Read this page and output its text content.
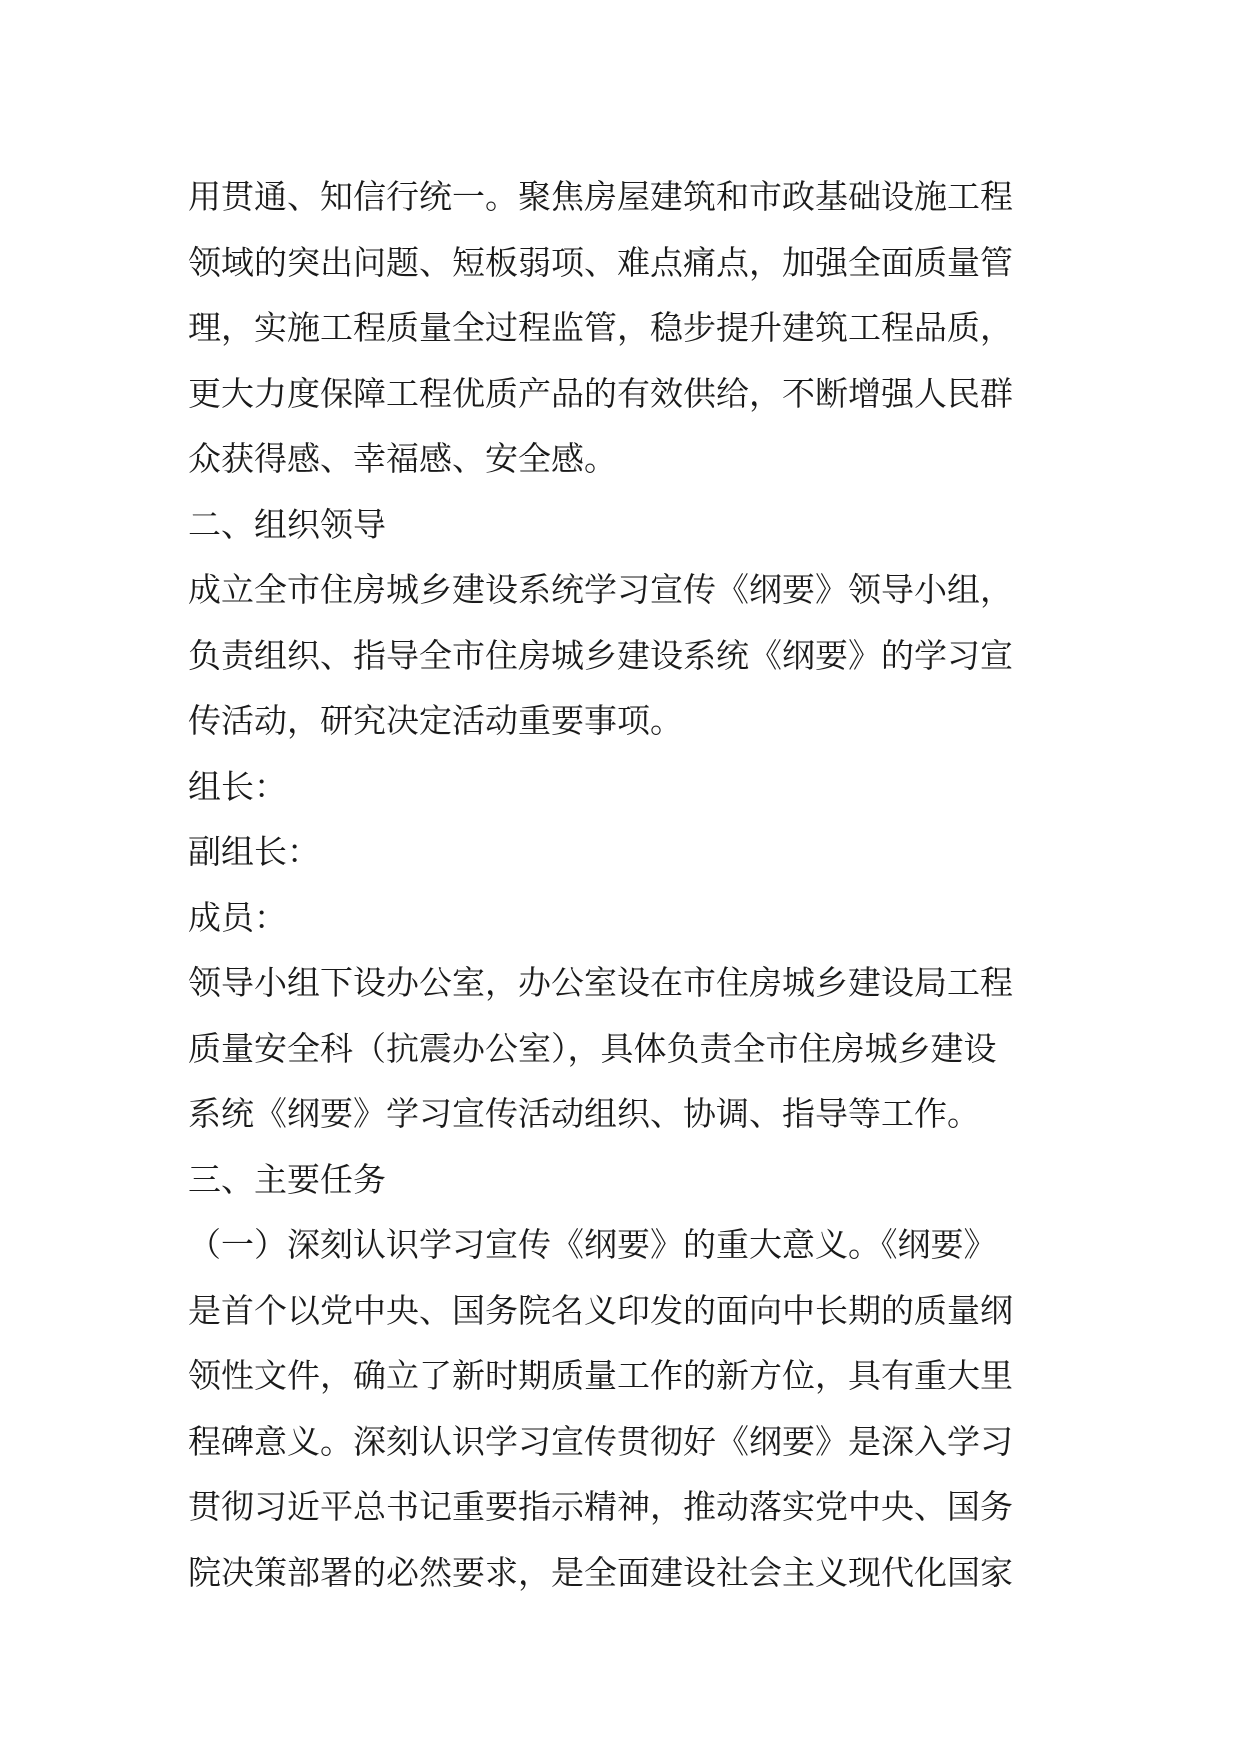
用贯通、知信行统一。聚焦房屋建筑和市政基础设施工程
领域的突出问题、短板弱项、难点痛点，加强全面质量管
理，实施工程质量全过程监管，稳步提升建筑工程品质，
更大力度保障工程优质产品的有效供给，不断增强人民群
众获得感、幸福感、安全感。
二、组织领导
成立全市住房城乡建设系统学习宣传《纲要》领导小组，
负责组织、指导全市住房城乡建设系统《纲要》的学习宣
传活动，研究决定活动重要事项。
组长：
副组长：
成员：
领导小组下设办公室，办公室设在市住房城乡建设局工程
质量安全科（抗震办公室），具体负责全市住房城乡建设
系统《纲要》学习宣传活动组织、协调、指导等工作。
三、主要任务
（一）深刻认识学习宣传《纲要》的重大意义。《纲要》
是首个以党中央、国务院名义印发的面向中长期的质量纲
领性文件，确立了新时期质量工作的新方位，具有重大里
程碑意义。深刻认识学习宣传贯彻好《纲要》是深入学习
贯彻习近平总书记重要指示精神，推动落实党中央、国务
院决策部署的必然要求，是全面建设社会主义现代化国家
